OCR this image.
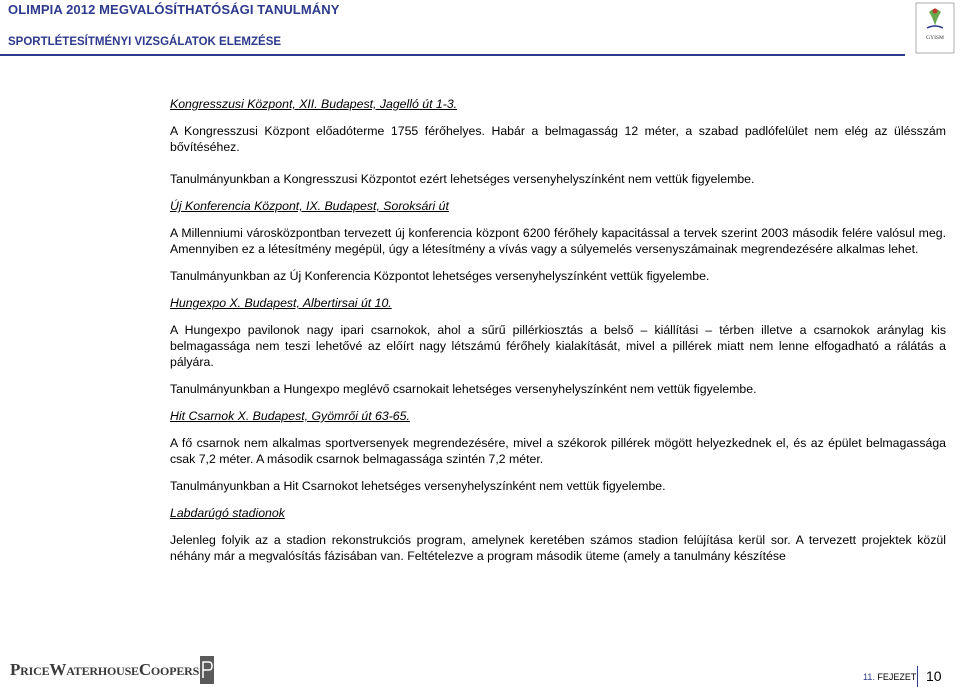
OLIMPIA 2012 MEGVALÓSÍTHATÓSÁGI TANULMÁNY
SPORTLÉTESÍTMÉNYI VIZSGÁLATOK ELEMZÉSE	GYISM

Kongresszusi Központ, XII. Budapest, Jagelló út 1-3.

A Kongresszusi Központ előadóterme 1755 férőhelyes. Habár a belmagasság 12 méter, a szabad padlófelület nem elég az ülésszám bővítéséhez.

Tanulmányunkban a Kongresszusi Központot ezért lehetséges versenyhelyszínként nem vettük figyelembe.

Új Konferencia Központ, IX. Budapest, Soroksári út

A Millenniumi városközpontban tervezett új konferencia központ 6200 férőhely kapacitással a tervek szerint 2003 második felére valósul meg. Amennyiben ez a létesítmény megépül, úgy a létesítmény a vívás vagy a súlyemelés versenyszámainak megrendezésére alkalmas lehet.

Tanulmányunkban az Új Konferencia Központot lehetséges versenyhelyszínként vettük figyelembe.

Hungexpo X. Budapest, Albertirsai út 10.

A Hungexpo pavilonok nagy ipari csarnokok, ahol a sűrű pillérkiosztás a belső – kiállítási – térben illetve a csarnokok aránylag kis belmagassága nem teszi lehetővé az előírt nagy létszámú férőhely kialakítását, mivel a pillérek miatt nem lenne elfogadható a rálátás a pályára.

Tanulmányunkban a Hungexpo meglévő csarnokait lehetséges versenyhelyszínként nem vettük figyelembe.

Hit Csarnok X. Budapest, Gyömrői út 63-65.

A fő csarnok nem alkalmas sportversenyek megrendezésére, mivel a székorok pillérek mögött helyezkednek el, és az épület belmagassága csak 7,2 méter. A második csarnok belmagassága szintén 7,2 méter.

Tanulmányunkban a Hit Csarnokot lehetséges versenyhelyszínként nem vettük figyelembe.

Labdarúgó stadionok

Jelenleg folyik az a stadion rekonstrukciós program, amelynek keretében számos stadion felújítása kerül sor. A tervezett projektek közül néhány már a megvalósítás fázisában van. Feltételezve a program második üteme (amely a tanulmány készítése

PriceWaterhouseCoopers	11. FEJEZET 10
